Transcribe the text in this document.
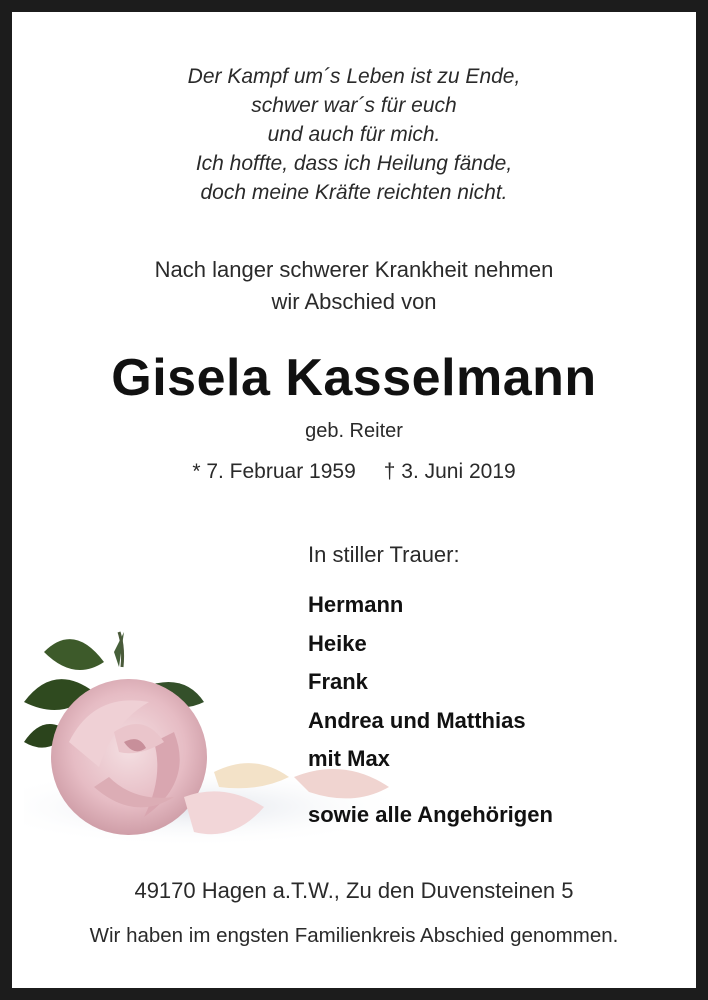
Der Kampf um´s Leben ist zu Ende,
schwer war´s für euch
und auch für mich.
Ich hoffte, dass ich Heilung fände,
doch meine Kräfte reichten nicht.
Nach langer schwerer Krankheit nehmen
wir Abschied von
Gisela Kasselmann
geb. Reiter
* 7. Februar 1959 † 3. Juni 2019
In stiller Trauer:
Hermann
Heike
Frank
Andrea und Matthias
mit Max
sowie alle Angehörigen
49170 Hagen a.T.W., Zu den Duvensteinen 5
Wir haben im engsten Familienkreis Abschied genommen.
